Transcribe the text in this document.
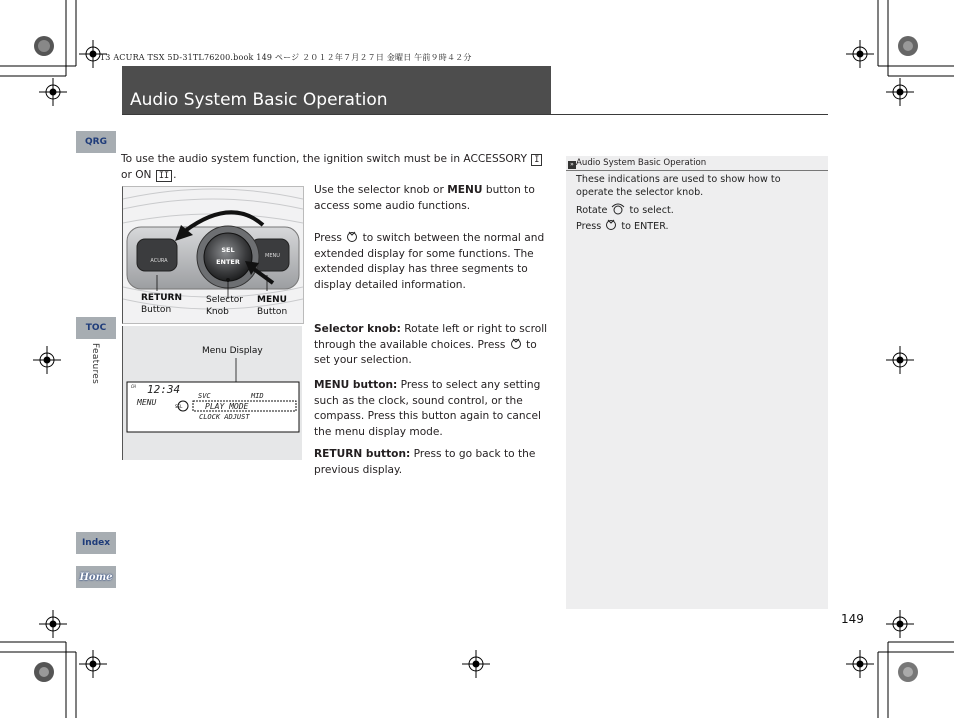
13 ACURA TSX 5D-31TL76200.book 149 ページ ２０１２年７月２７日 金曜日 午前９時４２分
Audio System Basic Operation
QRG
TOC
Index
Home
Features

To use the audio system function, the ignition switch must be in ACCESSORY I or ON II .

ACURA
MENU
SEL
ENTER
RETURN
Button
Selector
Knob
MENU
Button
Menu Display
CH 12:34
MENU
SVC	MID
PLAY MODE
CLOCK ADJUST
SEL

Use the selector knob or MENU button to access some audio functions.

Press to switch between the normal and extended display for some functions. The extended display has three segments to display detailed information.

Selector knob: Rotate left or right to scroll through the available choices. Press to set your selection.

MENU button: Press to select any setting such as the clock, sound control, or the compass. Press this button again to cancel the menu display mode.

RETURN button: Press to go back to the previous display.

» Audio System Basic Operation
These indications are used to show how to operate the selector knob.
Rotate to select.
Press to ENTER.
149
